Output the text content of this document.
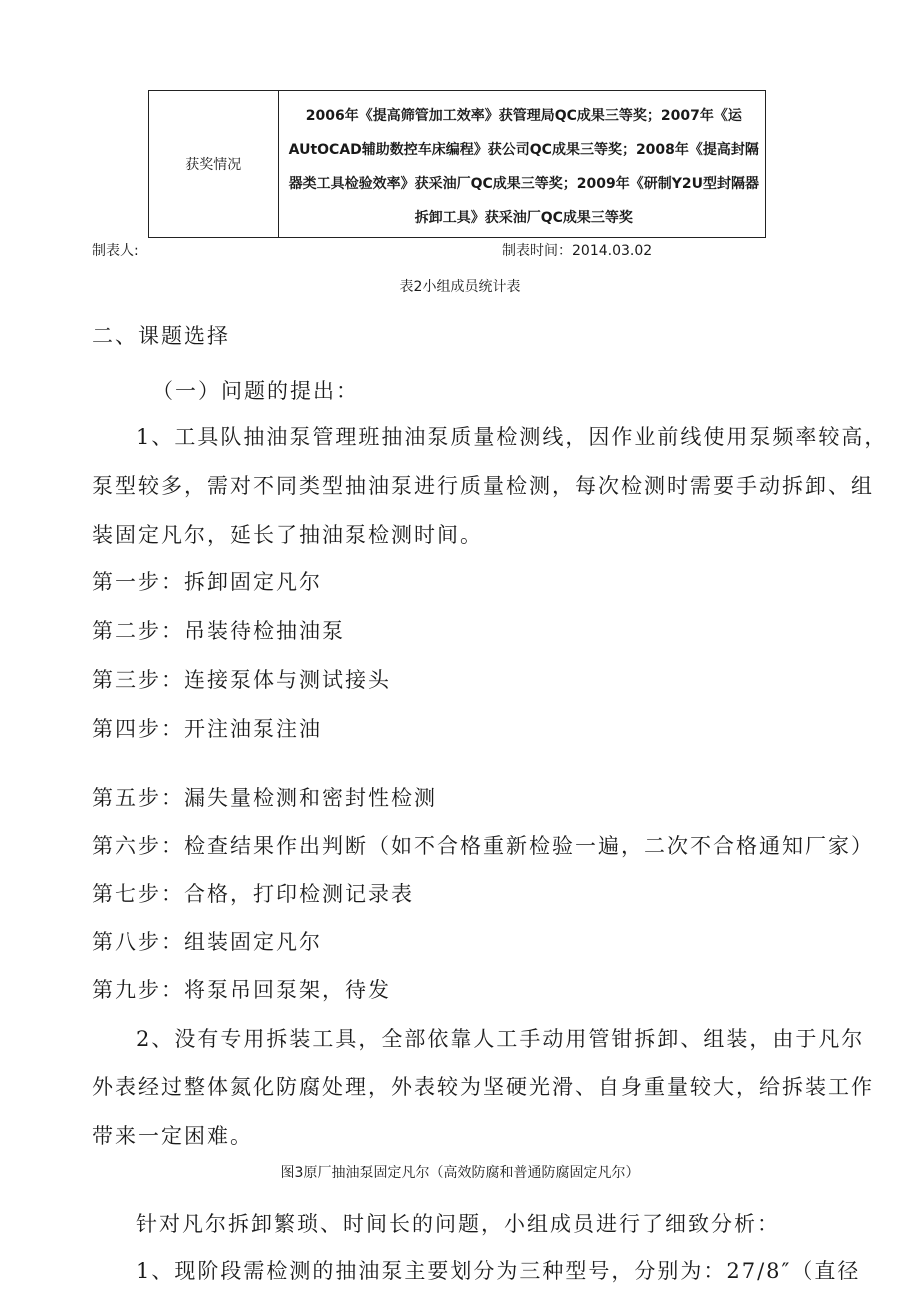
获奖情况
2006年《提高筛管加工效率》获管理局QC成果三等奖；2007年《运
AUtOCAD辅助数控车床编程》获公司QC成果三等奖；2008年《提高封隔
器类工具检验效率》获采油厂QC成果三等奖；2009年《研制Y2U型封隔器
拆卸工具》获采油厂QC成果三等奖
制表人:	制表时间：2014.03.02
表2小组成员统计表
二、课题选择
（一）问题的提出：
1、工具队抽油泵管理班抽油泵质量检测线，因作业前线使用泵频率较高，
泵型较多，需对不同类型抽油泵进行质量检测，每次检测时需要手动拆卸、组
装固定凡尔，延长了抽油泵检测时间。
第一步：拆卸固定凡尔
第二步：吊装待检抽油泵
第三步：连接泵体与测试接头
第四步：开注油泵注油
第五步：漏失量检测和密封性检测
第六步：检查结果作出判断（如不合格重新检验一遍，二次不合格通知厂家）
第七步：合格，打印检测记录表
第八步：组装固定凡尔
第九步：将泵吊回泵架，待发
2、没有专用拆装工具，全部依靠人工手动用管钳拆卸、组装，由于凡尔
外表经过整体氮化防腐处理，外表较为坚硬光滑、自身重量较大，给拆装工作
带来一定困难。
图3原厂抽油泵固定凡尔（高效防腐和普通防腐固定凡尔）
针对凡尔拆卸繁琐、时间长的问题，小组成员进行了细致分析：
1、现阶段需检测的抽油泵主要划分为三种型号，分别为：27/8″（直径
